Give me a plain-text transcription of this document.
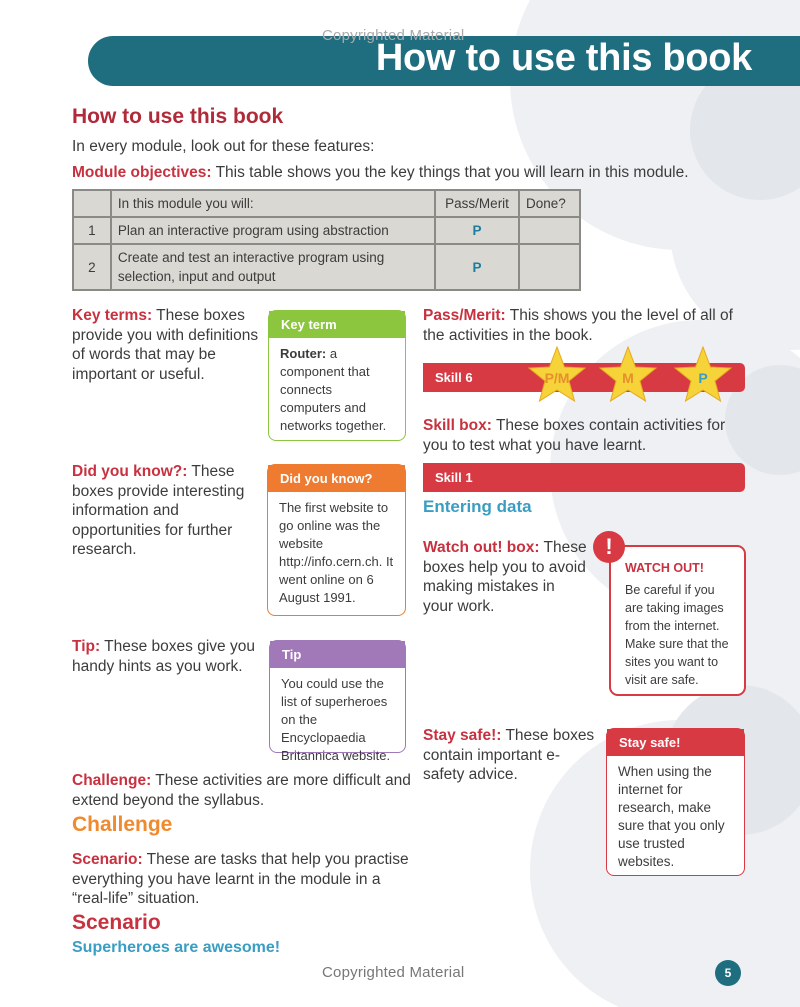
Copyrighted Material
How to use this book
How to use this book
In every module, look out for these features:
Module objectives: This table shows you the key things that you will learn in this module.
	In this module you will:	Pass/Merit	Done?
1	Plan an interactive program using abstraction	P	
2	Create and test an interactive program using selection, input and output	P	
Key terms: These boxes provide you with definitions of words that may be important or useful.
Key term
Router: a component that connects computers and networks together.
Did you know?: These boxes provide interesting information and opportunities for further research.
Did you know?
The first website to go online was the website http://info.cern.ch. It went online on 6 August 1991.
Tip: These boxes give you handy hints as you work.
Tip
You could use the list of superheroes on the Encyclopaedia Britannica website.
Challenge: These activities are more difficult and extend beyond the syllabus.
Challenge
Scenario: These are tasks that help you practise everything you have learnt in the module in a “real-life” situation.
Scenario
Superheroes are awesome!
Pass/Merit: This shows you the level of all of the activities in the book.
Skill 6	P/M	M	P
Skill box: These boxes contain activities for you to test what you have learnt.
Skill 1
Entering data
Watch out! box: These boxes help you to avoid making mistakes in your work.
WATCH OUT!
Be careful if you are taking images from the internet. Make sure that the sites you want to visit are safe.
!
Stay safe!: These boxes contain important e-safety advice.
Stay safe!
When using the internet for research, make sure that you only use trusted websites.
Copyrighted Material	5
